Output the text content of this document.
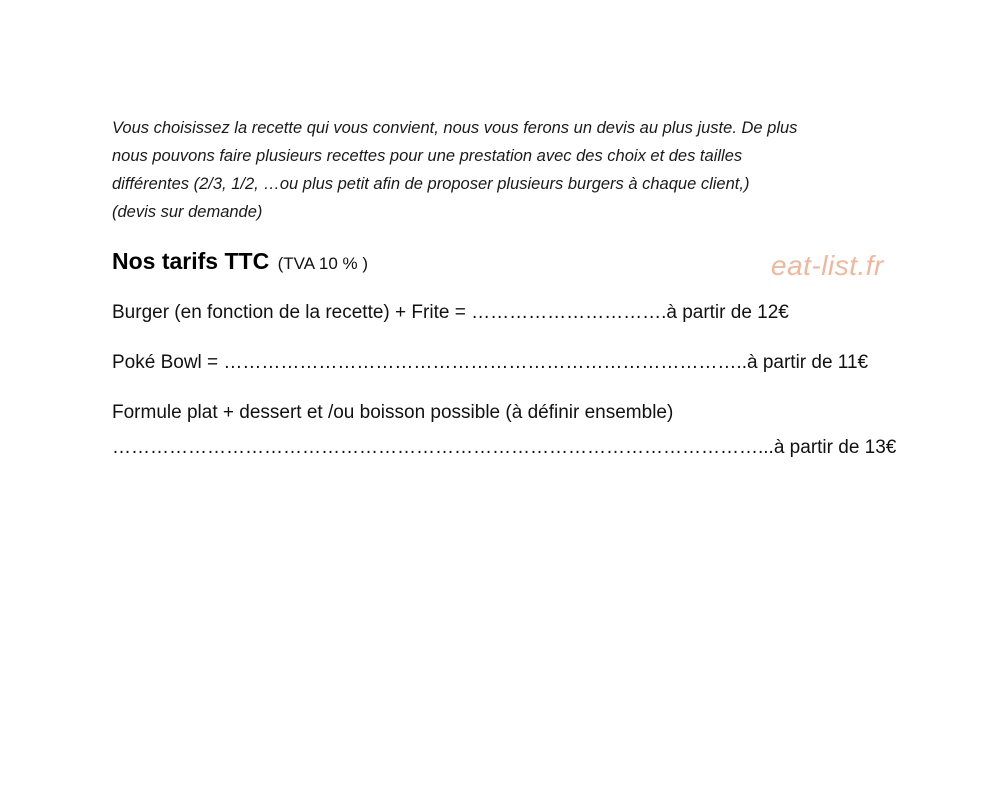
Vous choisissez la recette qui vous convient, nous vous ferons un devis au plus juste. De plus
nous pouvons faire plusieurs recettes pour une prestation avec des choix et des tailles
différentes (2/3, 1/2, …ou plus petit afin de proposer plusieurs burgers à chaque client,)
(devis sur demande)
Nos tarifs TTC (TVA 10 % )	eat-list.fr
Burger (en fonction de la recette) + Frite = ………………………….à partir de 12€
Poké Bowl = ………………………………………………………………………..à partir de 11€
Formule plat + dessert et /ou boisson possible (à définir ensemble)
…………………………………………………………………………………………...à partir de 13€
